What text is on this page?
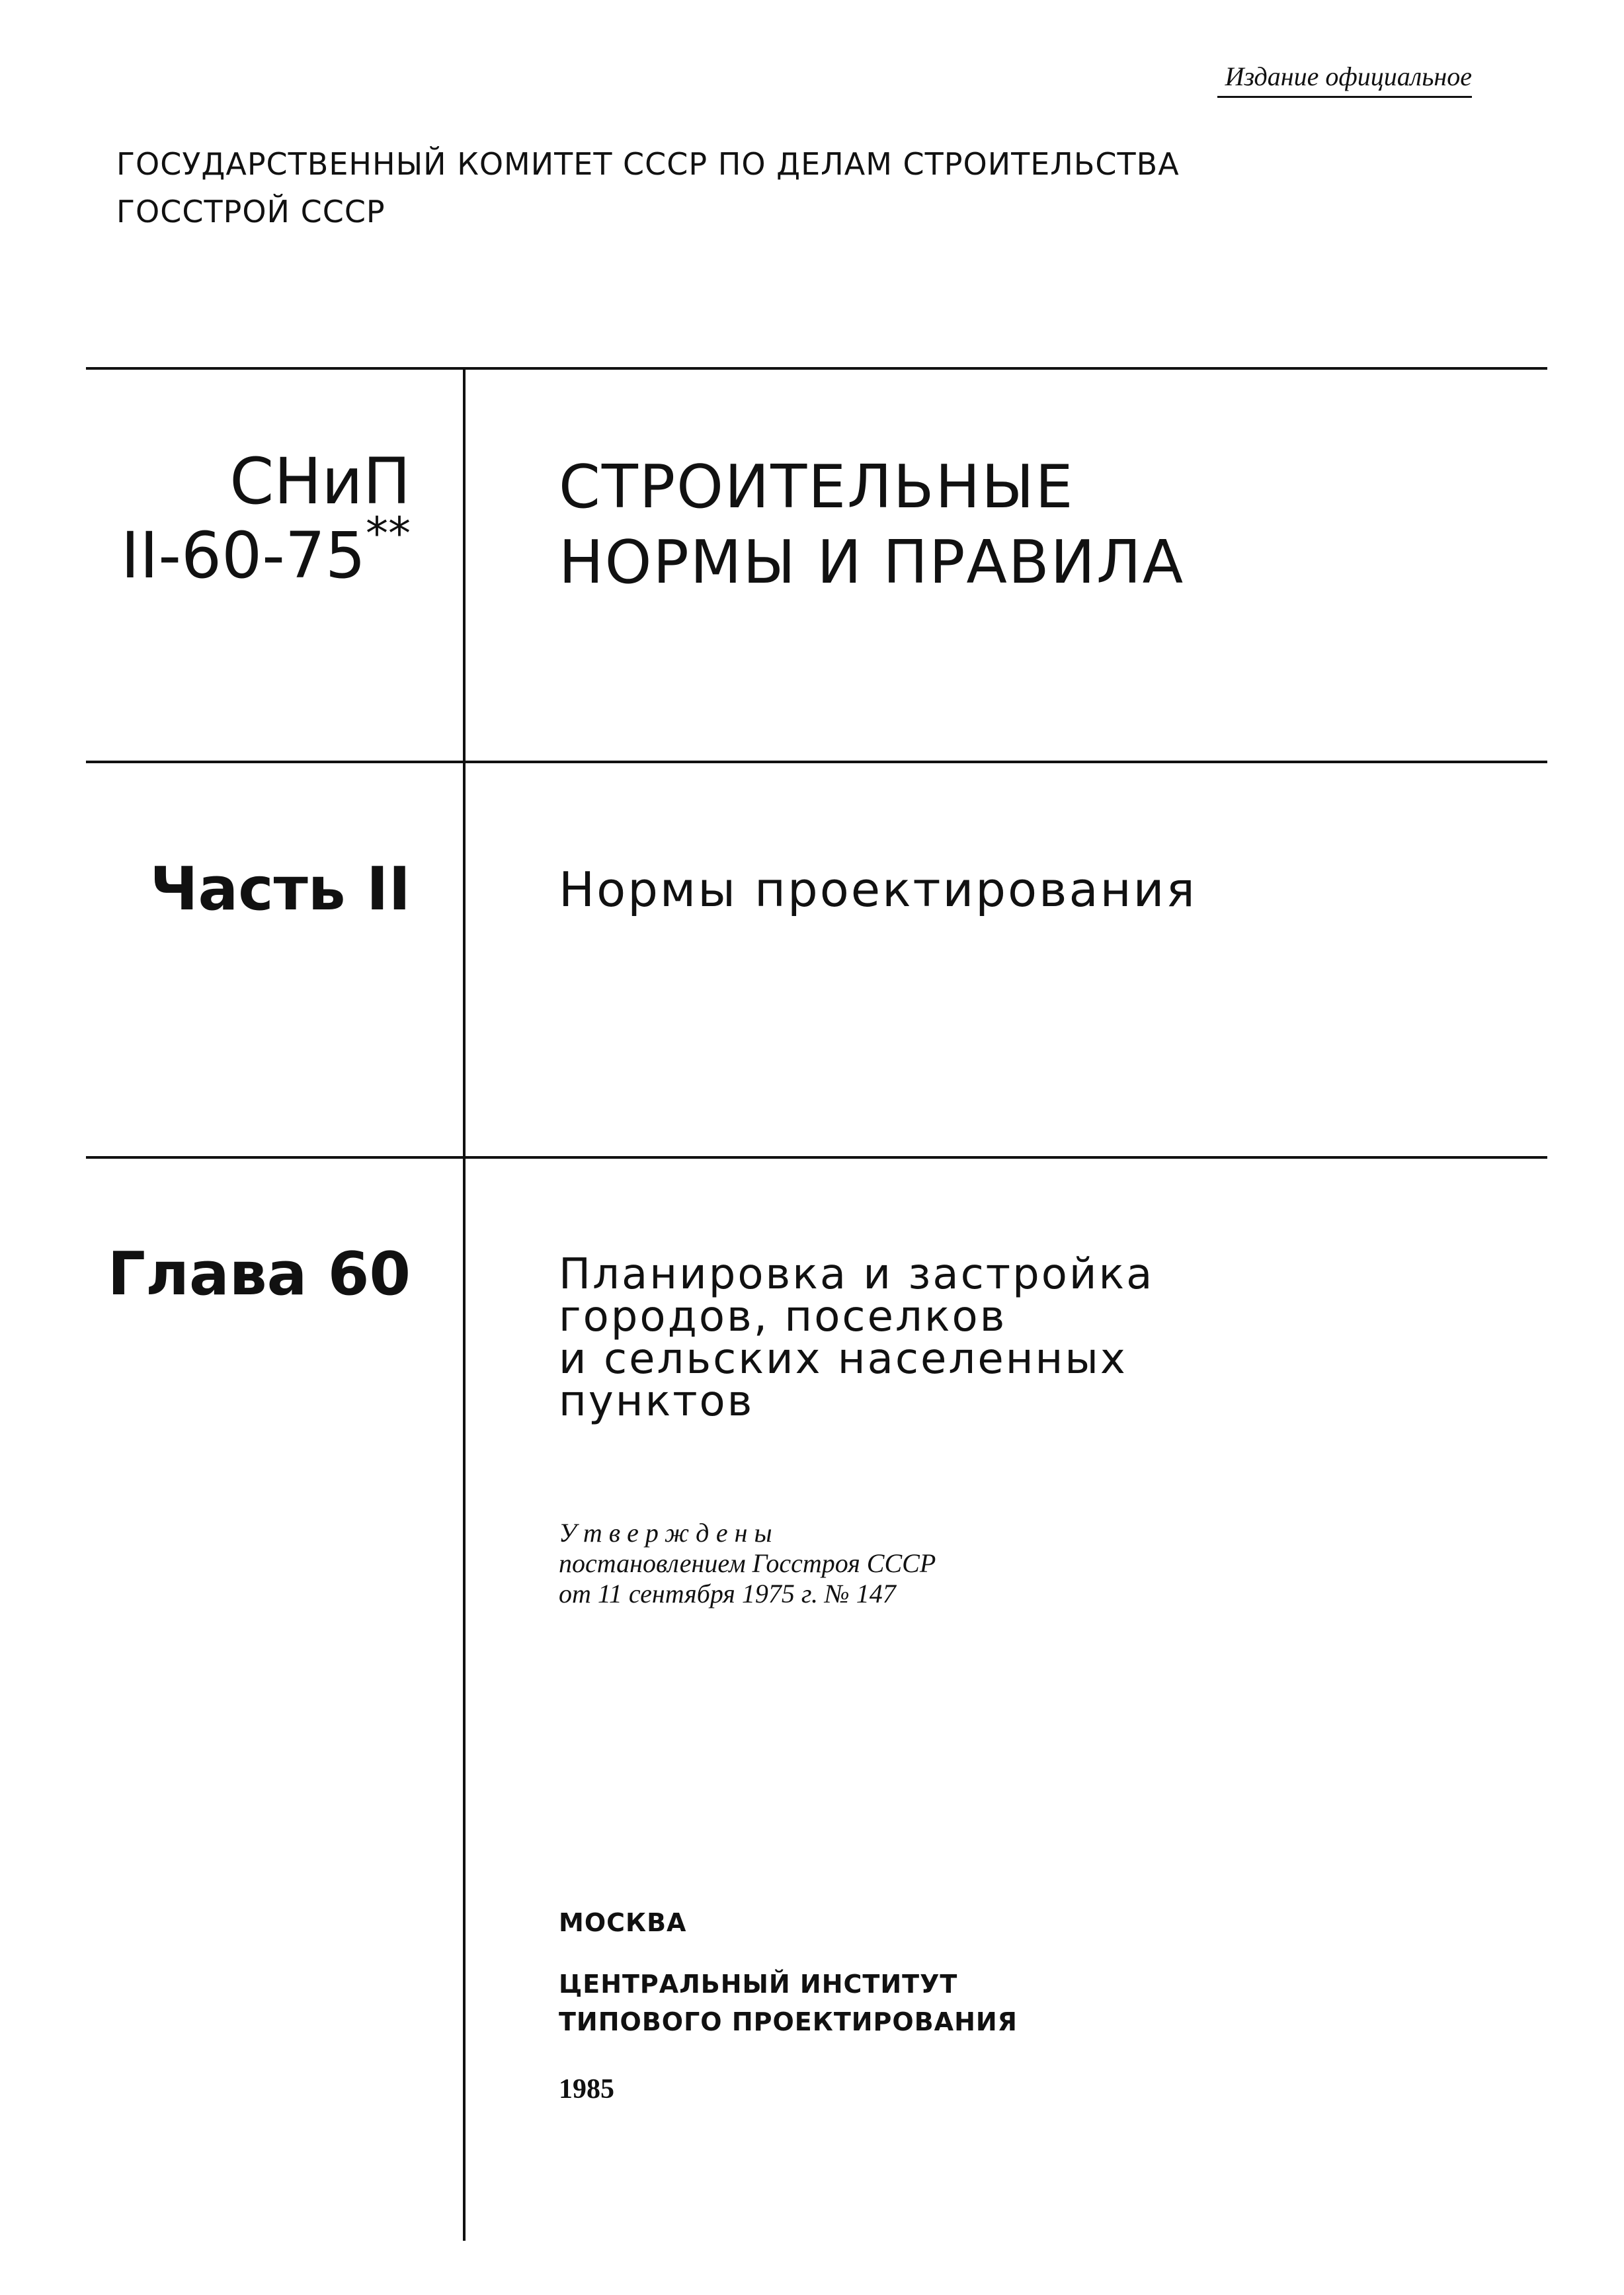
Издание официальное
ГОСУДАРСТВЕННЫЙ КОМИТЕТ СССР ПО ДЕЛАМ СТРОИТЕЛЬСТВА
ГОССТРОЙ СССР
СНиП
II-60-75**
СТРОИТЕЛЬНЫЕ
НОРМЫ И ПРАВИЛА
Часть II	Нормы проектирования
Глава 60	Планировка и застройка
городов, поселков
и сельских населенных
пунктов
Утверждены
постановлением Госстроя СССР
от 11 сентября 1975 г. № 147
МОСКВА
ЦЕНТРАЛЬНЫЙ ИНСТИТУТ
ТИПОВОГО ПРОЕКТИРОВАНИЯ
1985
